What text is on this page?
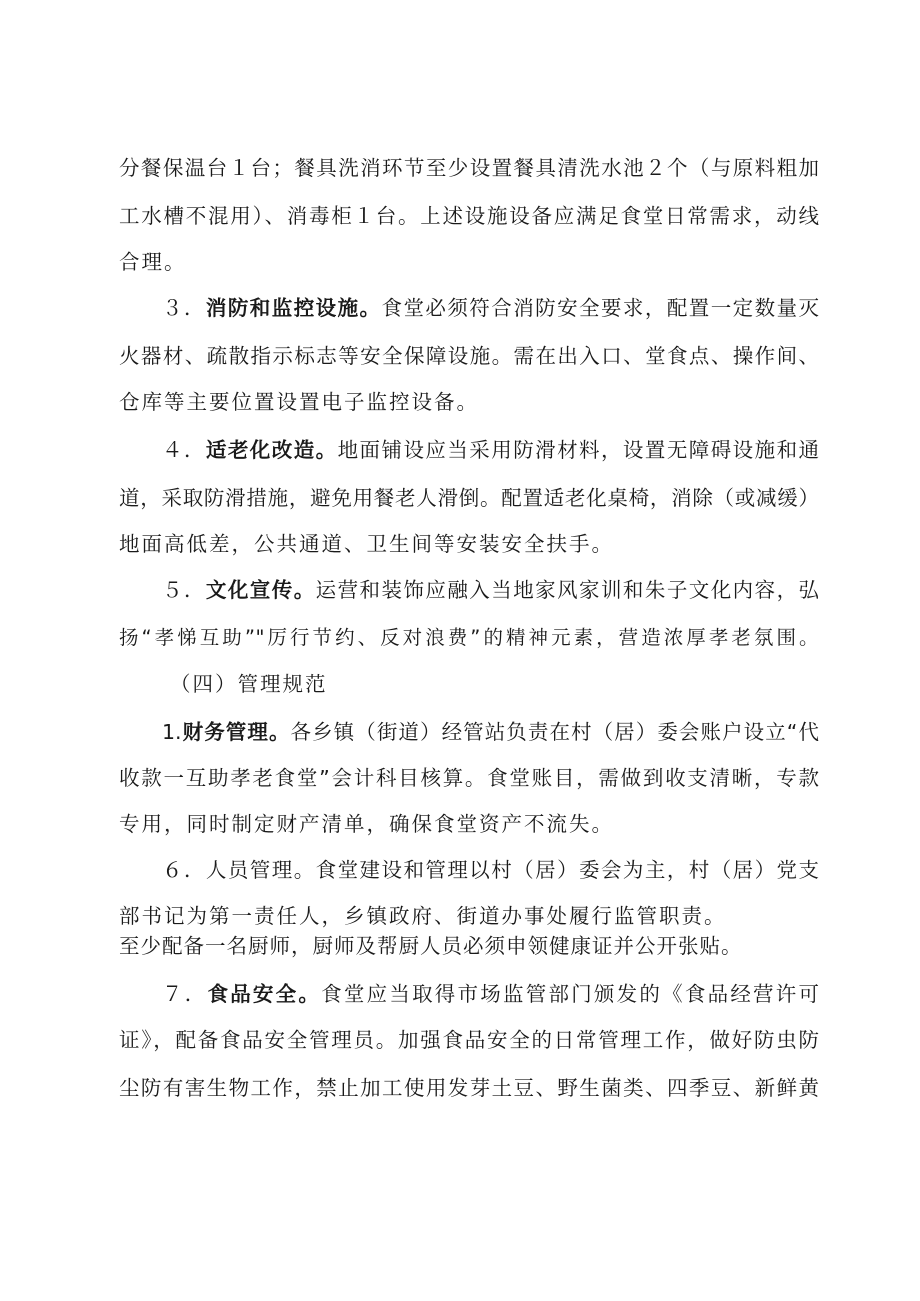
分餐保温台１台；餐具洗消环节至少设置餐具清洗水池２个（与原料粗加
工水槽不混用）、消毒柜１台。上述设施设备应满足食堂日常需求，动线
合理。
３．消防和监控设施。食堂必须符合消防安全要求，配置一定数量灭
火器材、疏散指示标志等安全保障设施。需在出入口、堂食点、操作间、
仓库等主要位置设置电子监控设备。
４．适老化改造。地面铺设应当采用防滑材料，设置无障碍设施和通
道，采取防滑措施，避免用餐老人滑倒。配置适老化桌椅，消除（或减缓）
地面高低差，公共通道、卫生间等安装安全扶手。
５．文化宣传。运营和装饰应融入当地家风家训和朱子文化内容，弘
扬“孝悌互助”"厉行节约、反对浪费”的精神元素，营造浓厚孝老氛围。
（四）管理规范
1.财务管理。各乡镇（街道）经管站负责在村（居）委会账户设立“代
收款一互助孝老食堂”会计科目核算。食堂账目，需做到收支清晰，专款
专用，同时制定财产清单，确保食堂资产不流失。
６．人员管理。食堂建设和管理以村（居）委会为主，村（居）党支
部书记为第一责任人，乡镇政府、街道办事处履行监管职责。
至少配备一名厨师，厨师及帮厨人员必须申领健康证并公开张贴。
７．食品安全。食堂应当取得市场监管部门颁发的《食品经营许可
证》，配备食品安全管理员。加强食品安全的日常管理工作，做好防虫防
尘防有害生物工作，禁止加工使用发芽土豆、野生菌类、四季豆、新鲜黄
